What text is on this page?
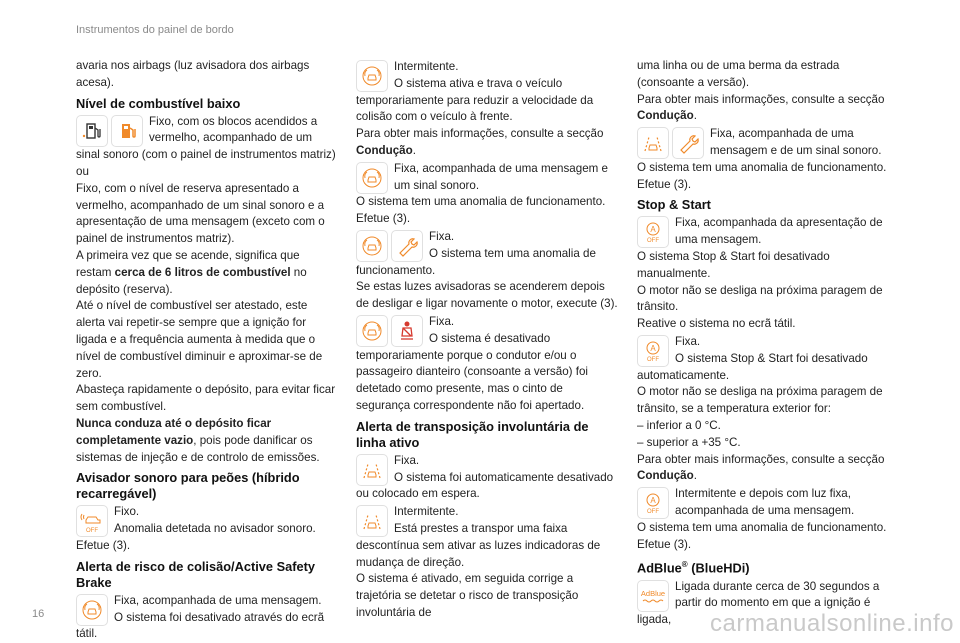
Instrumentos do painel de bordo

avaria nos airbags (luz avisadora dos airbags acesa).

Nível de combustível baixo

Fixo, com os blocos acendidos a vermelho, acompanhado de um sinal sonoro (com o painel de instrumentos matriz)

ou

Fixo, com o nível de reserva apresentado a vermelho, acompanhado de um sinal sonoro e a apresentação de uma mensagem (exceto com o painel de instrumentos matriz).

A primeira vez que se acende, significa que restam cerca de 6 litros de combustível no depósito (reserva).

Até o nível de combustível ser atestado, este alerta vai repetir-se sempre que a ignição for ligada e a frequência aumenta à medida que o nível de combustível diminuir e aproximar-se de zero.

Abasteça rapidamente o depósito, para evitar ficar sem combustível.

Nunca conduza até o depósito ficar completamente vazio, pois pode danificar os sistemas de injeção e de controlo de emissões.

Avisador sonoro para peões (híbrido recarregável)
OFF

Fixo.

Anomalia detetada no avisador sonoro.

Efetue (3).

Alerta de risco de colisão/Active Safety Brake

Fixa, acompanhada de uma mensagem.

O sistema foi desativado através do ecrã tátil.

Intermitente.

O sistema ativa e trava o veículo temporariamente para reduzir a velocidade da colisão com o veículo à frente.

Para obter mais informações, consulte a secção Condução.

Fixa, acompanhada de uma mensagem e um sinal sonoro.

O sistema tem uma anomalia de funcionamento. Efetue (3).

Fixa.

O sistema tem uma anomalia de funcionamento.

Se estas luzes avisadoras se acenderem depois de desligar e ligar novamente o motor, execute (3).

Fixa.

O sistema é desativado temporariamente porque o condutor e/ou o passageiro dianteiro (consoante a versão) foi detetado como presente, mas o cinto de segurança correspondente não foi apertado.

Alerta de transposição involuntária de linha ativo

Fixa.

O sistema foi automaticamente desativado ou colocado em espera.

Intermitente.

Está prestes a transpor uma faixa descontínua sem ativar as luzes indicadoras de mudança de direção.

O sistema é ativado, em seguida corrige a trajetória se detetar o risco de transposição involuntária de

uma linha ou de uma berma da estrada (consoante a versão).

Para obter mais informações, consulte a secção Condução.

Fixa, acompanhada de uma mensagem e de um sinal sonoro.

O sistema tem uma anomalia de funcionamento. Efetue (3).

Stop & Start
A
OFF

Fixa, acompanhada da apresentação de uma mensagem.

O sistema Stop & Start foi desativado manualmente.

O motor não se desliga na próxima paragem de trânsito.

Reative o sistema no ecrã tátil.

A
OFF

Fixa.

O sistema Stop & Start foi desativado automaticamente.

O motor não se desliga na próxima paragem de trânsito, se a temperatura exterior for:

– inferior a 0 °C.

– superior a +35 °C.

Para obter mais informações, consulte a secção Condução.

A
OFF

Intermitente e depois com luz fixa, acompanhada de uma mensagem.

O sistema tem uma anomalia de funcionamento. Efetue (3).

AdBlue® (BlueHDi)
AdBlue

Ligada durante cerca de 30 segundos a partir do momento em que a ignição é ligada,

16	carmanualsonline.info
